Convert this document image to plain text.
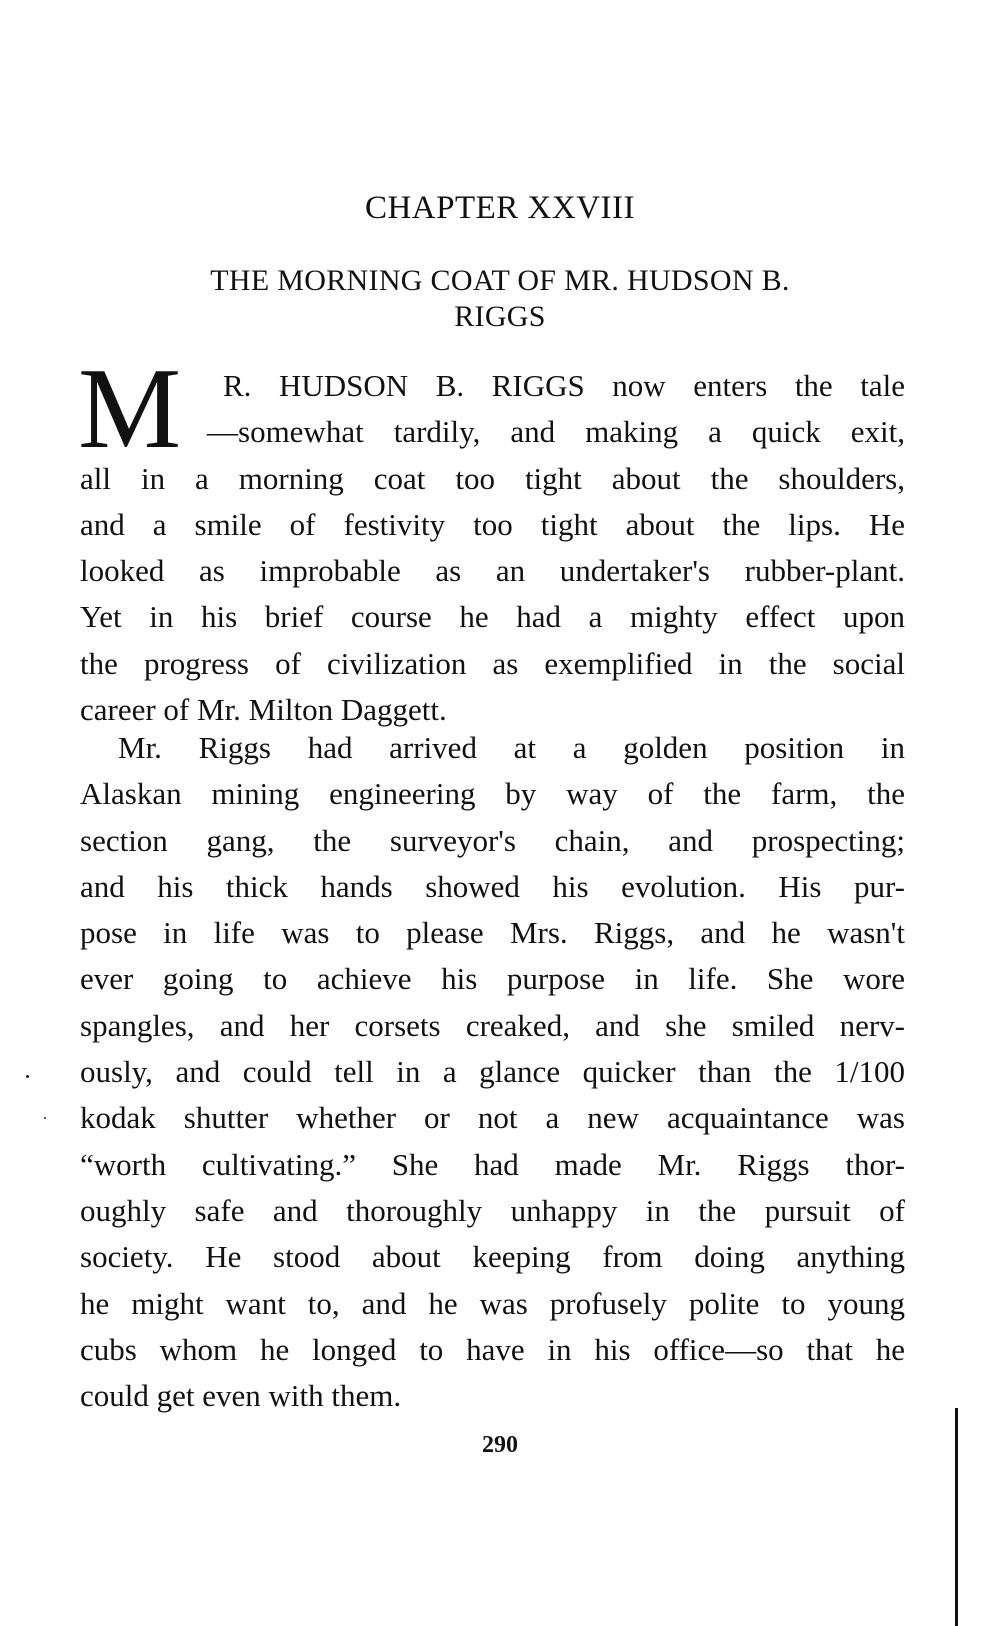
CHAPTER XXVIII
THE MORNING COAT OF MR. HUDSON B.
RIGGS
M	R. HUDSON B. RIGGS now enters the tale
—somewhat tardily, and making a quick exit,
all in a morning coat too tight about the shoulders,
and a smile of festivity too tight about the lips. He
looked as improbable as an undertaker's rubber-plant.
Yet in his brief course he had a mighty effect upon
the progress of civilization as exemplified in the social
career of Mr. Milton Daggett.
Mr. Riggs had arrived at a golden position in
Alaskan mining engineering by way of the farm, the
section gang, the surveyor's chain, and prospecting;
and his thick hands showed his evolution. His pur-
pose in life was to please Mrs. Riggs, and he wasn't
ever going to achieve his purpose in life. She wore
spangles, and her corsets creaked, and she smiled nerv-
ously, and could tell in a glance quicker than the 1/100
kodak shutter whether or not a new acquaintance was
“worth cultivating.” She had made Mr. Riggs thor-
oughly safe and thoroughly unhappy in the pursuit of
society. He stood about keeping from doing anything
he might want to, and he was profusely polite to young
cubs whom he longed to have in his office—so that he
could get even with them.
290
